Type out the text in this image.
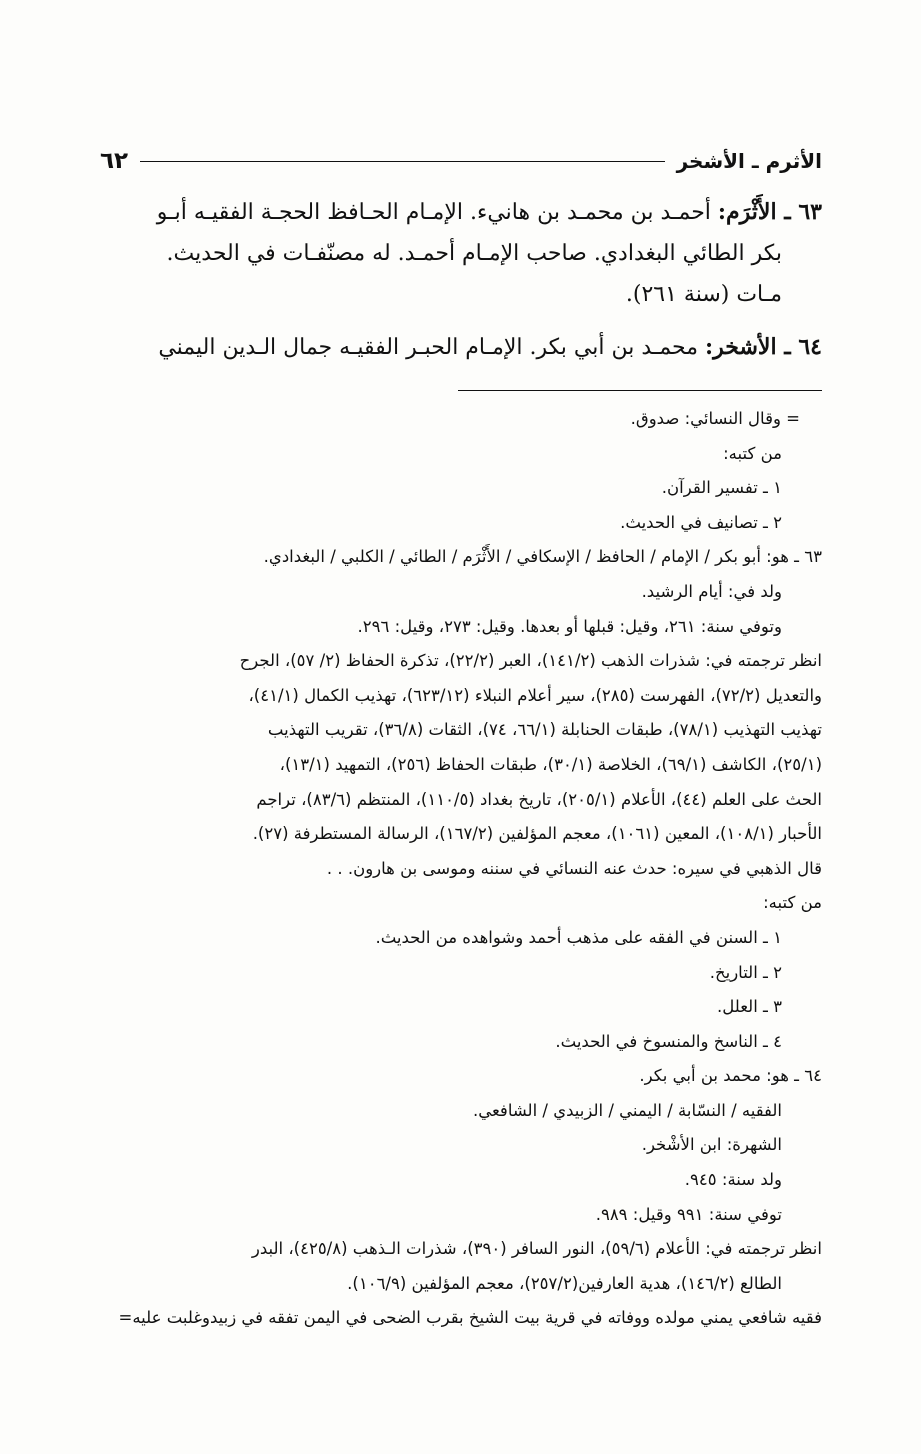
الأثرم ـ الأشخر
٦٢

٦٣ ـ الأَثْرَم: أحمـد بن محمـد بن هانيء. الإمـام الحـافظ الحجـة الفقيـه أبـو
بكر الطائي البغدادي. صاحب الإمـام أحمـد. له مصنّفـات في الحديث.
مـات (سنة ٢٦١).

٦٤ ـ الأشخر: محمـد بن أبي بكر. الإمـام الحبـر الفقيـه جمال الـدين اليمني

= وقال النسائي: صدوق.

من كتبه:

١ ـ تفسير القرآن.

٢ ـ تصانيف في الحديث.

٦٣ ـ هو: أبو بكر / الإمام / الحافظ / الإسكافي / الأَثْرَم / الطائي / الكلبي / البغدادي.

ولد في: أيام الرشيد.

وتوفي سنة: ٢٦١، وقيل: قبلها أو بعدها. وقيل: ٢٧٣، وقيل: ٢٩٦.

انظر ترجمته في: شذرات الذهب (١٤١/٢)، العبر (٢٢/٢)، تذكرة الحفاظ (٢/ ٥٧)، الجرح

والتعديل (٧٢/٢)، الفهرست (٢٨٥)، سير أعلام النبلاء (٦٢٣/١٢)، تهذيب الكمال (٤١/١)،

تهذيب التهذيب (٧٨/١)، طبقات الحنابلة (٦٦/١، ٧٤)، الثقات (٣٦/٨)، تقريب التهذيب

(٢٥/١)، الكاشف (٦٩/١)، الخلاصة (٣٠/١)، طبقات الحفاظ (٢٥٦)، التمهيد (١٣/١)،

الحث على العلم (٤٤)، الأعلام (٢٠٥/١)، تاريخ بغداد (١١٠/٥)، المنتظم (٨٣/٦)، تراجم

الأحبار (١٠٨/١)، المعين (١٠٦١)، معجم المؤلفين (١٦٧/٢)، الرسالة المستطرفة (٢٧).

قال الذهبي في سيره: حدث عنه النسائي في سننه وموسى بن هارون. . .

من كتبه:

١ ـ السنن في الفقه على مذهب أحمد وشواهده من الحديث.

٢ ـ التاريخ.

٣ ـ العلل.

٤ ـ الناسخ والمنسوخ في الحديث.

٦٤ ـ هو: محمد بن أبي بكر.

الفقيه / النسّابة / اليمني / الزبيدي / الشافعي.

الشهرة: ابن الأشْخر.

ولد سنة: ٩٤٥.

توفي سنة: ٩٩١ وقيل: ٩٨٩.

انظر ترجمته في: الأعلام (٥٩/٦)، النور السافر (٣٩٠)، شذرات الـذهب (٤٢٥/٨)، البدر

الطالع (١٤٦/٢)، هدية العارفين(٢٥٧/٢)، معجم المؤلفين (١٠٦/٩).

فقيه شافعي يمني مولده ووفاته في قرية بيت الشيخ بقرب الضحى في اليمن تفقه في زبيدوغلبت عليه=
